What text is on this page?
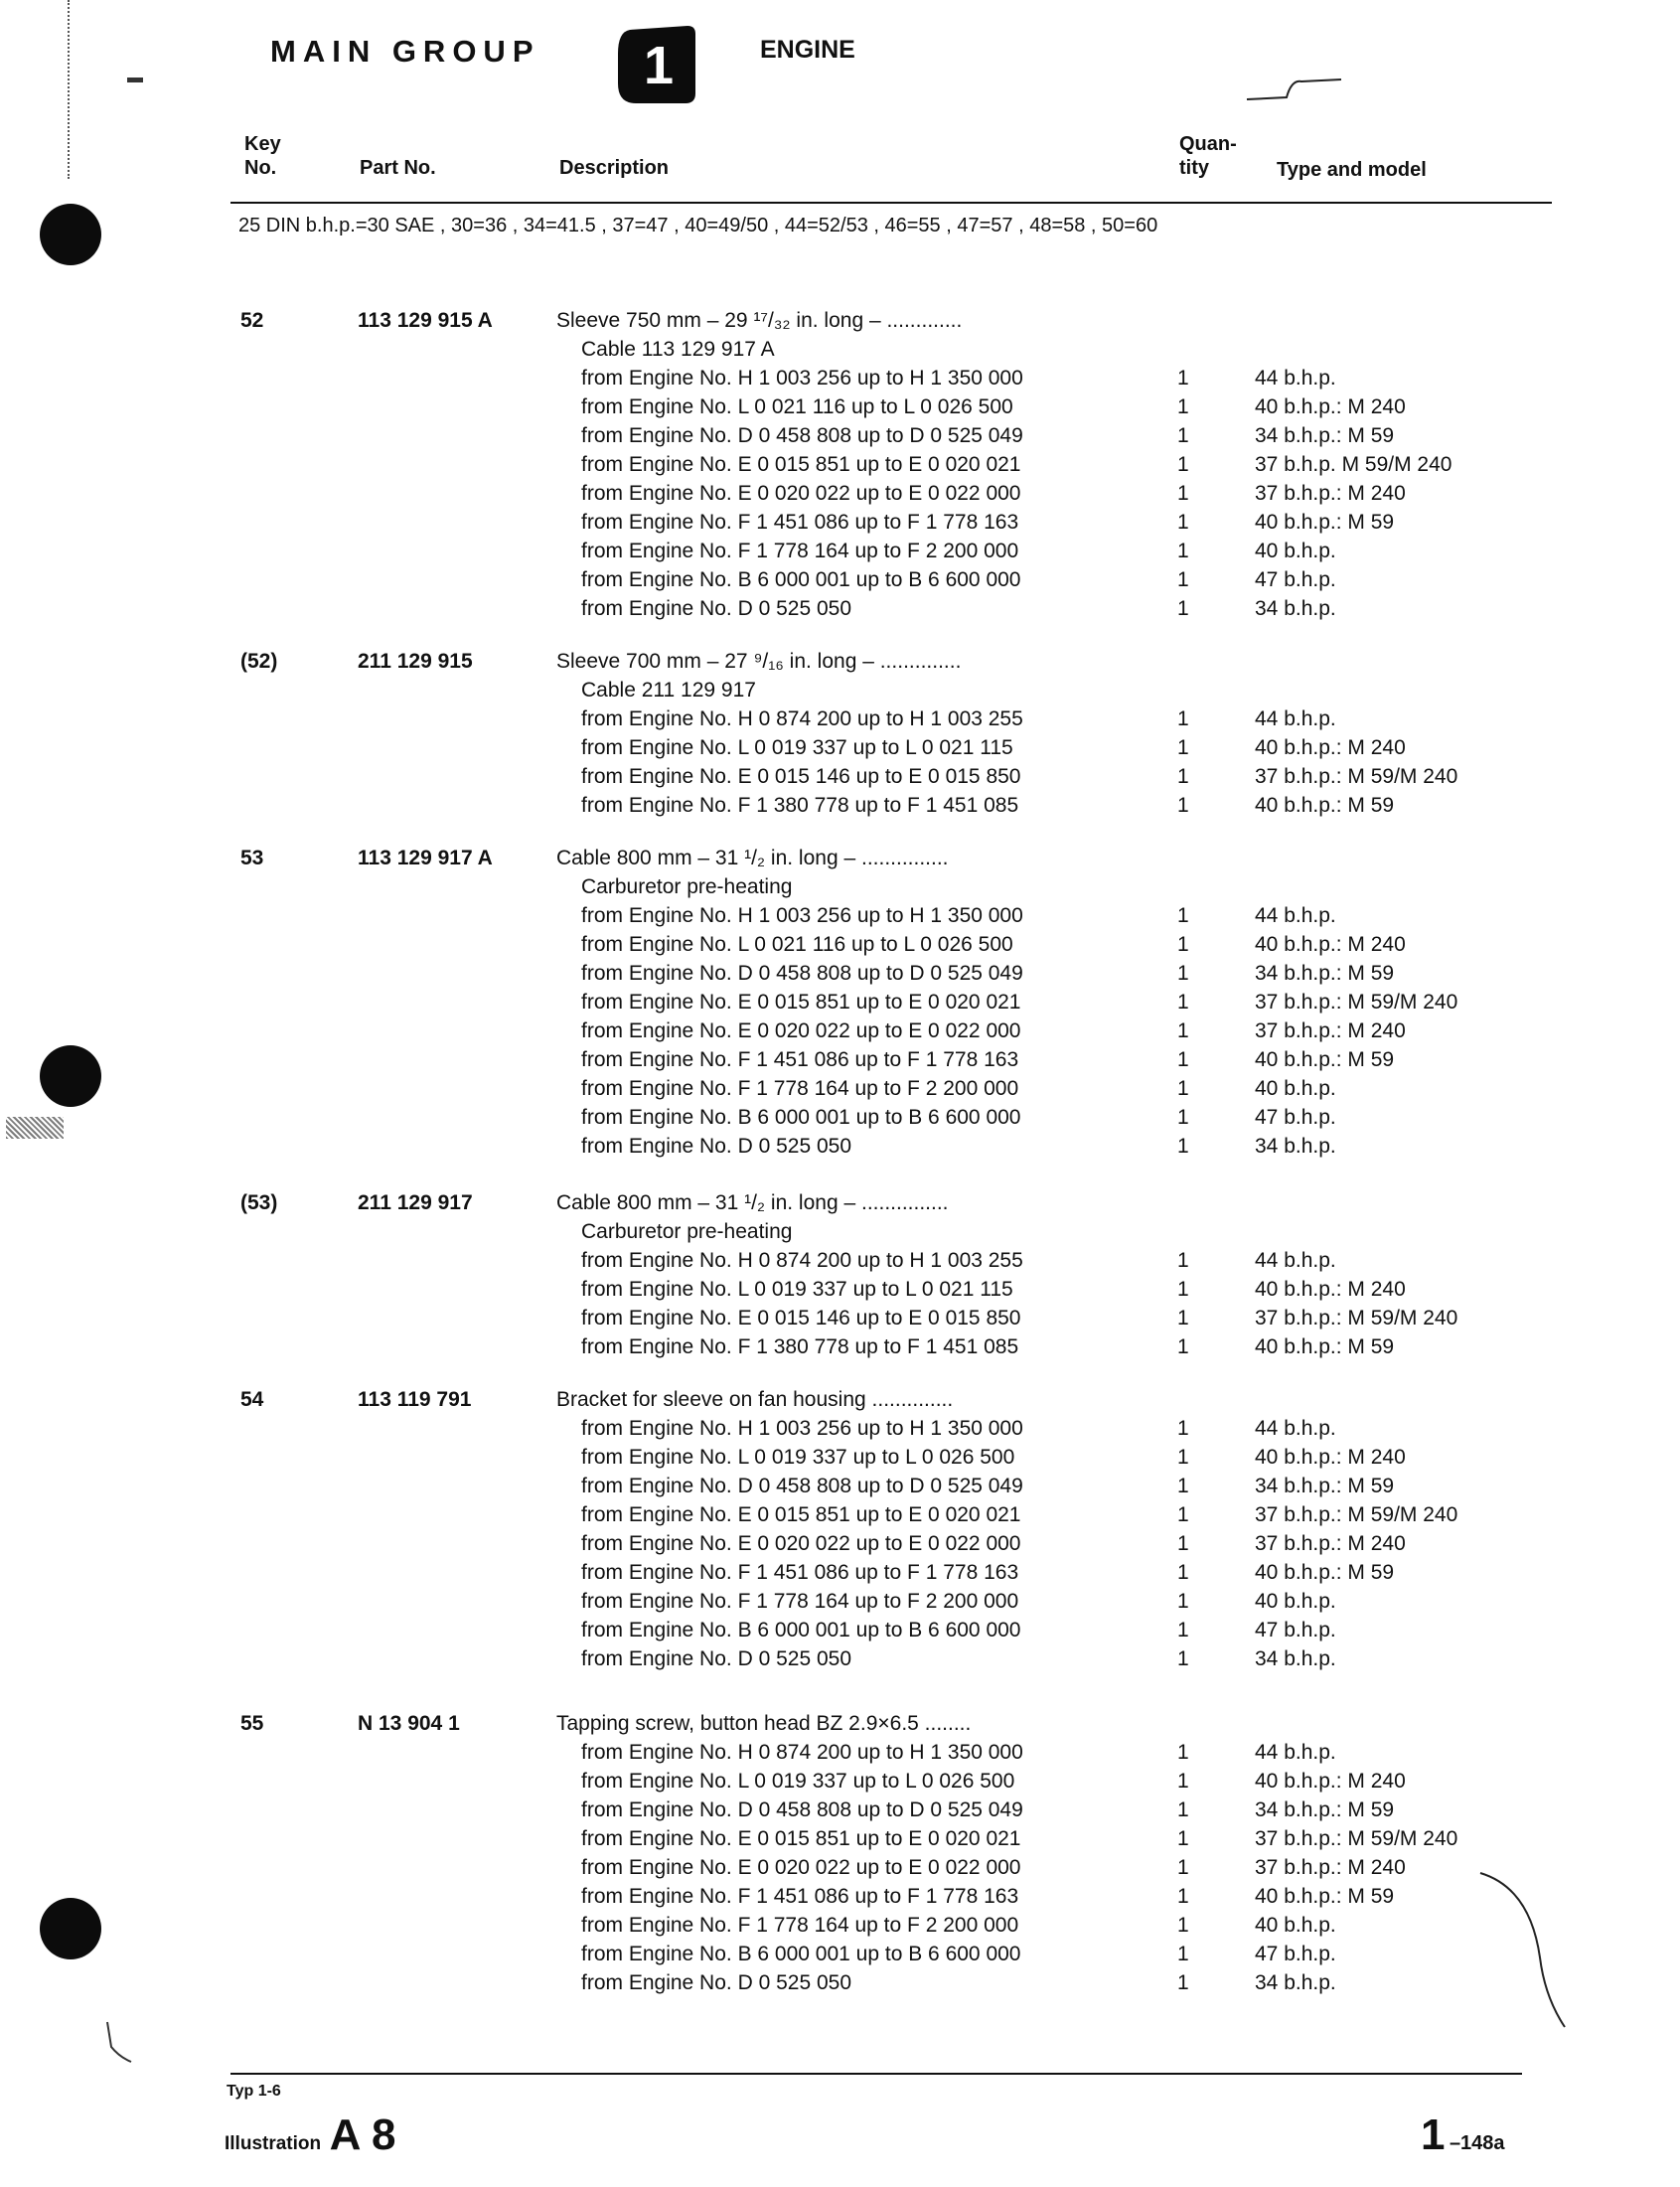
MAIN GROUP 1	ENGINE
Key
No.	Part No.	Description
Quan-
tity	Type and model
25 DIN b.h.p.=30 SAE , 30=36 , 34=41.5 , 37=47 , 40=49/50 , 44=52/53 , 46=55 , 47=57 , 48=58 , 50=60
52	113 129 915 A	Sleeve 750 mm – 29 ¹⁷/₃₂ in. long – .............
Cable 113 129 917 A
from Engine No. H 1 003 256 up to H 1 350 000	1	44 b.h.p.
from Engine No. L 0 021 116 up to L 0 026 500	1	40 b.h.p.: M 240
from Engine No. D 0 458 808 up to D 0 525 049	1	34 b.h.p.: M 59
from Engine No. E 0 015 851 up to E 0 020 021	1	37 b.h.p. M 59/M 240
from Engine No. E 0 020 022 up to E 0 022 000	1	37 b.h.p.: M 240
from Engine No. F 1 451 086 up to F 1 778 163	1	40 b.h.p.: M 59
from Engine No. F 1 778 164 up to F 2 200 000	1	40 b.h.p.
from Engine No. B 6 000 001 up to B 6 600 000	1	47 b.h.p.
from Engine No. D 0 525 050	1	34 b.h.p.
(52)	211 129 915	Sleeve 700 mm – 27 ⁹/₁₆ in. long – ..............
Cable 211 129 917
from Engine No. H 0 874 200 up to H 1 003 255	1	44 b.h.p.
from Engine No. L 0 019 337 up to L 0 021 115	1	40 b.h.p.: M 240
from Engine No. E 0 015 146 up to E 0 015 850	1	37 b.h.p.: M 59/M 240
from Engine No. F 1 380 778 up to F 1 451 085	1	40 b.h.p.: M 59
53	113 129 917 A	Cable 800 mm – 31 ¹/₂ in. long – ...............
Carburetor pre-heating
from Engine No. H 1 003 256 up to H 1 350 000	1	44 b.h.p.
from Engine No. L 0 021 116 up to L 0 026 500	1	40 b.h.p.: M 240
from Engine No. D 0 458 808 up to D 0 525 049	1	34 b.h.p.: M 59
from Engine No. E 0 015 851 up to E 0 020 021	1	37 b.h.p.: M 59/M 240
from Engine No. E 0 020 022 up to E 0 022 000	1	37 b.h.p.: M 240
from Engine No. F 1 451 086 up to F 1 778 163	1	40 b.h.p.: M 59
from Engine No. F 1 778 164 up to F 2 200 000	1	40 b.h.p.
from Engine No. B 6 000 001 up to B 6 600 000	1	47 b.h.p.
from Engine No. D 0 525 050	1	34 b.h.p.
(53)	211 129 917	Cable 800 mm – 31 ¹/₂ in. long – ...............
Carburetor pre-heating
from Engine No. H 0 874 200 up to H 1 003 255	1	44 b.h.p.
from Engine No. L 0 019 337 up to L 0 021 115	1	40 b.h.p.: M 240
from Engine No. E 0 015 146 up to E 0 015 850	1	37 b.h.p.: M 59/M 240
from Engine No. F 1 380 778 up to F 1 451 085	1	40 b.h.p.: M 59
54	113 119 791	Bracket for sleeve on fan housing ..............
from Engine No. H 1 003 256 up to H 1 350 000	1	44 b.h.p.
from Engine No. L 0 019 337 up to L 0 026 500	1	40 b.h.p.: M 240
from Engine No. D 0 458 808 up to D 0 525 049	1	34 b.h.p.: M 59
from Engine No. E 0 015 851 up to E 0 020 021	1	37 b.h.p.: M 59/M 240
from Engine No. E 0 020 022 up to E 0 022 000	1	37 b.h.p.: M 240
from Engine No. F 1 451 086 up to F 1 778 163	1	40 b.h.p.: M 59
from Engine No. F 1 778 164 up to F 2 200 000	1	40 b.h.p.
from Engine No. B 6 000 001 up to B 6 600 000	1	47 b.h.p.
from Engine No. D 0 525 050	1	34 b.h.p.
55	N 13 904 1	Tapping screw, button head BZ 2.9×6.5 ........
from Engine No. H 0 874 200 up to H 1 350 000	1	44 b.h.p.
from Engine No. L 0 019 337 up to L 0 026 500	1	40 b.h.p.: M 240
from Engine No. D 0 458 808 up to D 0 525 049	1	34 b.h.p.: M 59
from Engine No. E 0 015 851 up to E 0 020 021	1	37 b.h.p.: M 59/M 240
from Engine No. E 0 020 022 up to E 0 022 000	1	37 b.h.p.: M 240
from Engine No. F 1 451 086 up to F 1 778 163	1	40 b.h.p.: M 59
from Engine No. F 1 778 164 up to F 2 200 000	1	40 b.h.p.
from Engine No. B 6 000 001 up to B 6 600 000	1	47 b.h.p.
from Engine No. D 0 525 050	1	34 b.h.p.
Typ 1-6
Illustration A 8	1 –148a
